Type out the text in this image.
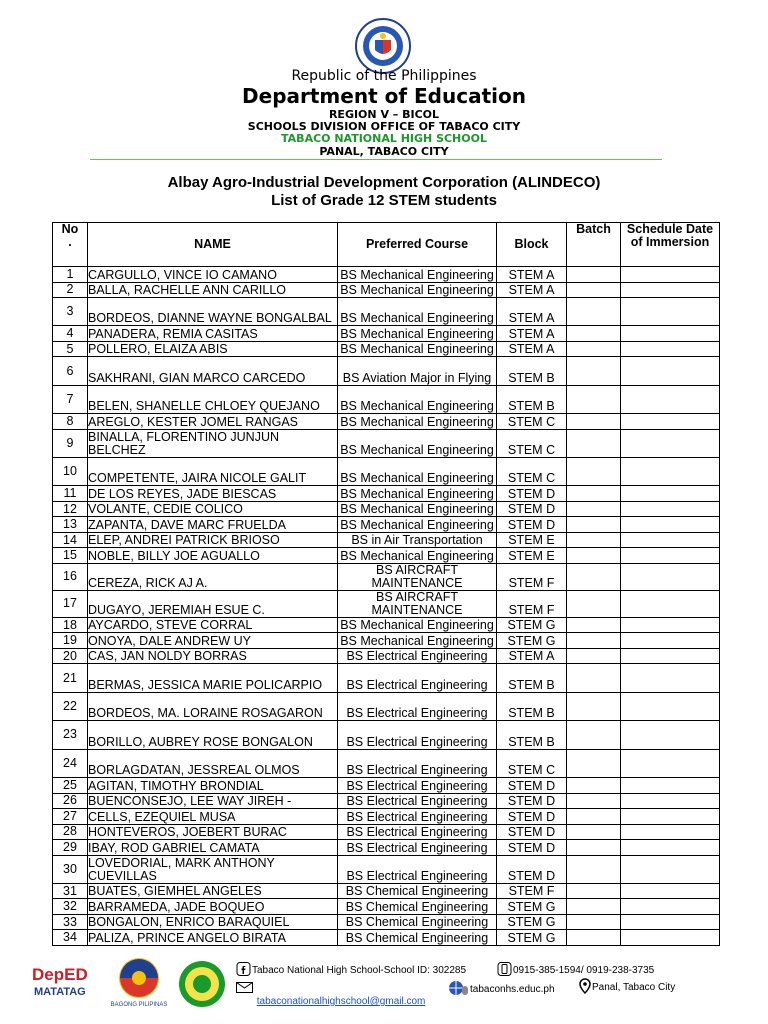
Republic of the Philippines
Department of Education
REGION V – BICOL
SCHOOLS DIVISION OFFICE OF TABACO CITY
TABACO NATIONAL HIGH SCHOOL
PANAL, TABACO CITY
Albay Agro-Industrial Development Corporation (ALINDECO)
List of Grade 12 STEM students
No
.	NAME	Preferred Course	Block	Batch	Schedule Date of Immersion
1	CARGULLO, VINCE IO CAMANO	BS Mechanical Engineering	STEM A		
2	BALLA, RACHELLE ANN CARILLO	BS Mechanical Engineering	STEM A		
3	BORDEOS, DIANNE WAYNE BONGALBAL	BS Mechanical Engineering	STEM A		
4	PANADERA, REMIA CASITAS	BS Mechanical Engineering	STEM A		
5	POLLERO, ELAIZA ABIS	BS Mechanical Engineering	STEM A		
6	SAKHRANI, GIAN MARCO CARCEDO	BS Aviation Major in Flying	STEM B		
7	BELEN, SHANELLE CHLOEY QUEJANO	BS Mechanical Engineering	STEM B		
8	AREGLO, KESTER JOMEL RANGAS	BS Mechanical Engineering	STEM C		
9	BINALLA, FLORENTINO JUNJUN BELCHEZ	BS Mechanical Engineering	STEM C		
10	COMPETENTE, JAIRA NICOLE GALIT	BS Mechanical Engineering	STEM C		
11	DE LOS REYES, JADE BIESCAS	BS Mechanical Engineering	STEM D		
12	VOLANTE, CEDIE COLICO	BS Mechanical Engineering	STEM D		
13	ZAPANTA, DAVE MARC FRUELDA	BS Mechanical Engineering	STEM D		
14	ELEP, ANDREI PATRICK BRIOSO	BS in Air Transportation	STEM E		
15	NOBLE, BILLY JOE AGUALLO	BS Mechanical Engineering	STEM E		
16	CEREZA, RICK AJ A.	BS AIRCRAFT MAINTENANCE	STEM F		
17	DUGAYO, JEREMIAH ESUE C.	BS AIRCRAFT MAINTENANCE	STEM F		
18	AYCARDO, STEVE CORRAL	BS Mechanical Engineering	STEM G		
19	ONOYA, DALE ANDREW UY	BS Mechanical Engineering	STEM G		
20	CAS, JAN NOLDY BORRAS	BS Electrical Engineering	STEM A		
21	BERMAS, JESSICA MARIE POLICARPIO	BS Electrical Engineering	STEM B		
22	BORDEOS, MA. LORAINE ROSAGARON	BS Electrical Engineering	STEM B		
23	BORILLO, AUBREY ROSE BONGALON	BS Electrical Engineering	STEM B		
24	BORLAGDATAN, JESSREAL OLMOS	BS Electrical Engineering	STEM C		
25	AGITAN, TIMOTHY BRONDIAL	BS Electrical Engineering	STEM D		
26	BUENCONSEJO, LEE WAY JIREH -	BS Electrical Engineering	STEM D		
27	CELLS, EZEQUIEL MUSA	BS Electrical Engineering	STEM D		
28	HONTEVEROS, JOEBERT BURAC	BS Electrical Engineering	STEM D		
29	IBAY, ROD GABRIEL CAMATA	BS Electrical Engineering	STEM D		
30	LOVEDORIAL, MARK ANTHONY CUEVILLAS	BS Electrical Engineering	STEM D		
31	BUATES, GIEMHEL ANGELES	BS Chemical Engineering	STEM F		
32	BARRAMEDA, JADE BOQUEO	BS Chemical Engineering	STEM G		
33	BONGALON, ENRICO BARAQUIEL	BS Chemical Engineering	STEM G		
34	PALIZA, PRINCE ANGELO BIRATA	BS Chemical Engineering	STEM G		
DepED
MATATAG
BAGONG PILIPINAS
Tabaco National High School-School ID: 302285	0915-385-1594/ 0919-238-3735
tabaconationalhighschool@gmail.com
tabaconhs.educ.ph	Panal, Tabaco City
